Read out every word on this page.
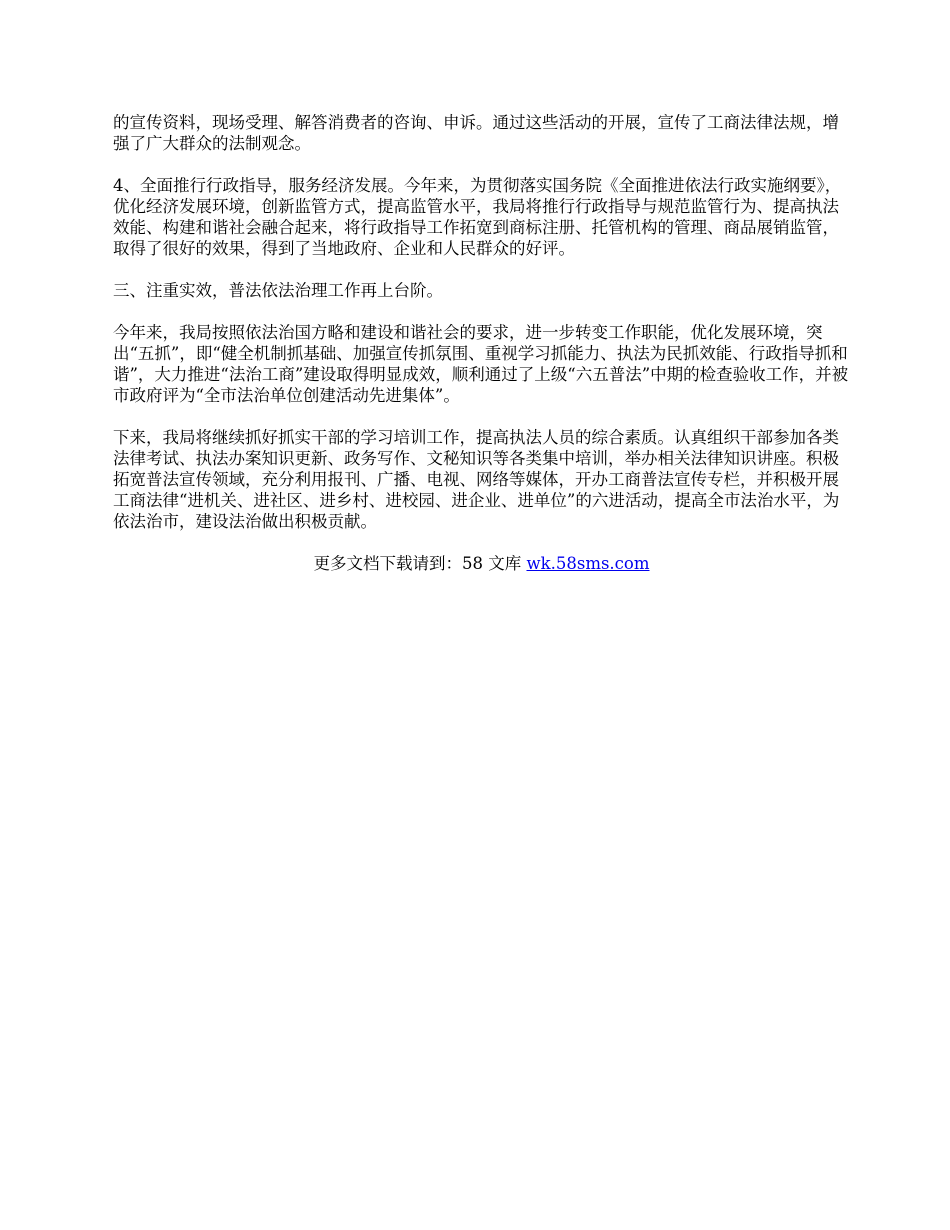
的宣传资料，现场受理、解答消费者的咨询、申诉。通过这些活动的开展，宣传了工商法律法规，增强了广大群众的法制观念。

4、全面推行行政指导，服务经济发展。今年来，为贯彻落实国务院《全面推进依法行政实施纲要》，优化经济发展环境，创新监管方式，提高监管水平，我局将推行行政指导与规范监管行为、提高执法效能、构建和谐社会融合起来，将行政指导工作拓宽到商标注册、托管机构的管理、商品展销监管，取得了很好的效果，得到了当地政府、企业和人民群众的好评。

三、注重实效，普法依法治理工作再上台阶。

今年来，我局按照依法治国方略和建设和谐社会的要求，进一步转变工作职能，优化发展环境，突出“五抓”，即“健全机制抓基础、加强宣传抓氛围、重视学习抓能力、执法为民抓效能、行政指导抓和谐”，大力推进“法治工商”建设取得明显成效，顺利通过了上级“六五普法”中期的检查验收工作，并被市政府评为“全市法治单位创建活动先进集体”。

下来，我局将继续抓好抓实干部的学习培训工作，提高执法人员的综合素质。认真组织干部参加各类法律考试、执法办案知识更新、政务写作、文秘知识等各类集中培训，举办相关法律知识讲座。积极拓宽普法宣传领域，充分利用报刊、广播、电视、网络等媒体，开办工商普法宣传专栏，并积极开展工商法律“进机关、进社区、进乡村、进校园、进企业、进单位”的六进活动，提高全市法治水平，为依法治市，建设法治做出积极贡献。

更多文档下载请到：58 文库 wk.58sms.com
